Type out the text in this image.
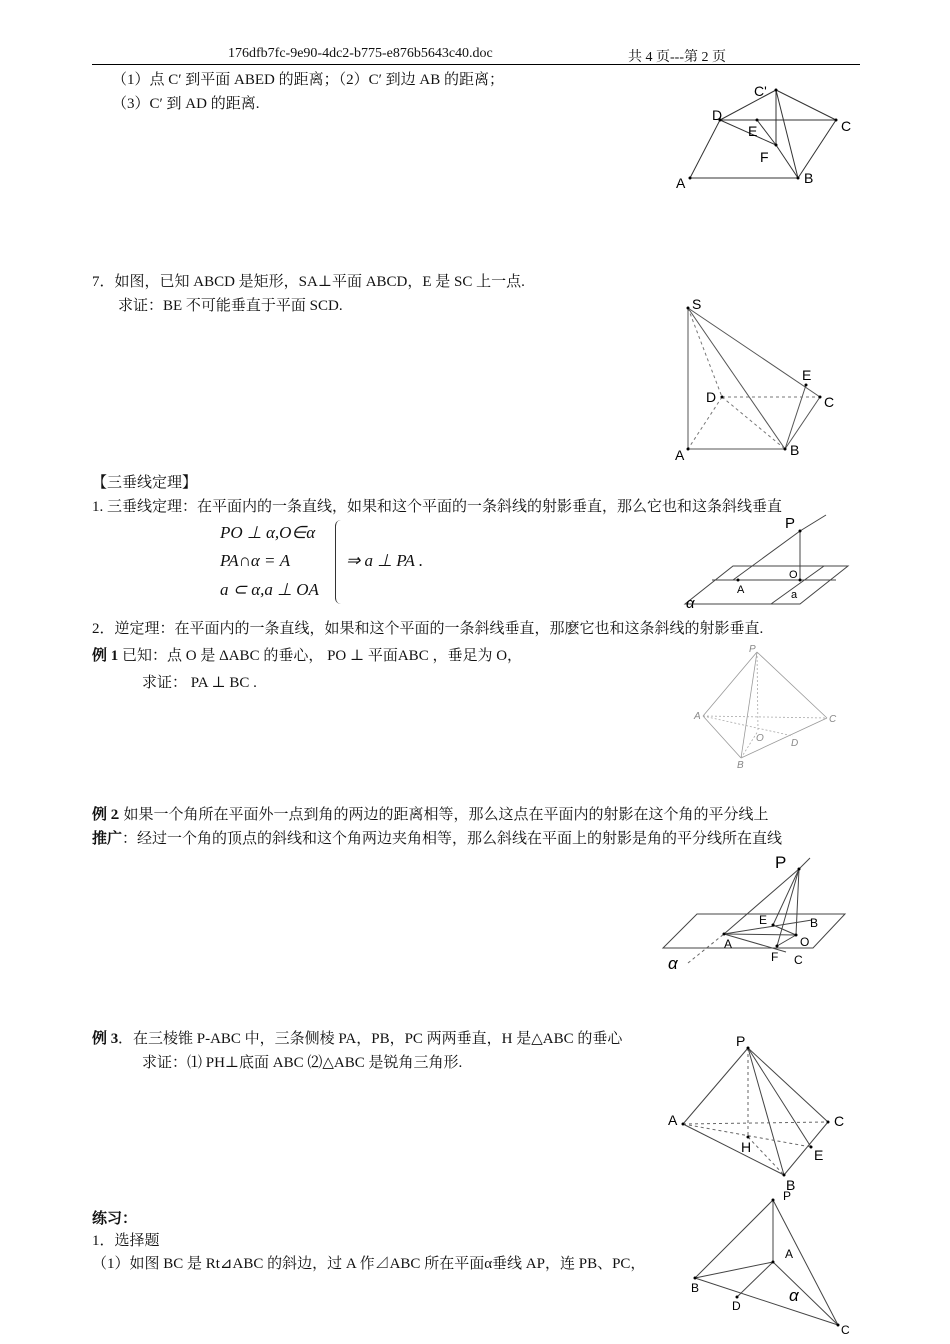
176dfb7fc-9e90-4dc2-b775-e876b5643c40.doc	共 4 页---第 2 页
（1）点 C′ 到平面 ABED 的距离；（2）C′ 到边 AB 的距离；
（3）C′ 到 AD 的距离.
C'
D
E	C
F
A	B
7．如图，已知 ABCD 是矩形，SA⊥平面 ABCD，E 是 SC 上一点.
求证：BE 不可能垂直于平面 SCD.	S
E
D	C
A	B
【三垂线定理】
1. 三垂线定理：在平面内的一条直线，如果和这个平面的一条斜线的射影垂直，那么它也和这条斜线垂直
PO ⊥ α,O∈α
PA∩α = A
a ⊂ α,a ⊥ OA
⇒ a ⊥ PA .
P
O
A	a
α
2．逆定理：在平面内的一条直线，如果和这个平面的一条斜线垂直，那麽它也和这条斜线的射影垂直.
例 1 已知：点 O 是 ΔABC 的垂心， PO ⊥ 平面ABC ，垂足为 O，
求证： PA ⊥ BC .
P
A	C
O	D
B
例 2
. 如果一个角所在平面外一点到角的两边的距离相等，那么这点在平面内的射影在这个角的平分线上
推广 ：经过一个角的顶点的斜线和这个角两边夹角相等，那么斜线在平面上的射影是角的平分线所在直线
P
E	B
A	O
F C
α
例 3 ．在三棱锥 P-ABC 中，三条侧棱 PA，PB，PC 两两垂直，H 是△ABC 的垂心
求证：⑴ PH⊥底面 ABC ⑵△ABC 是锐角三角形.
P
A	C
H	E
B
练习：
1．选择题
（1）如图 BC 是 Rt⊿ABC 的斜边，过 A 作⊿ABC 所在平面α垂线 AP，连 PB、PC，
P
A
B
D
α
C
